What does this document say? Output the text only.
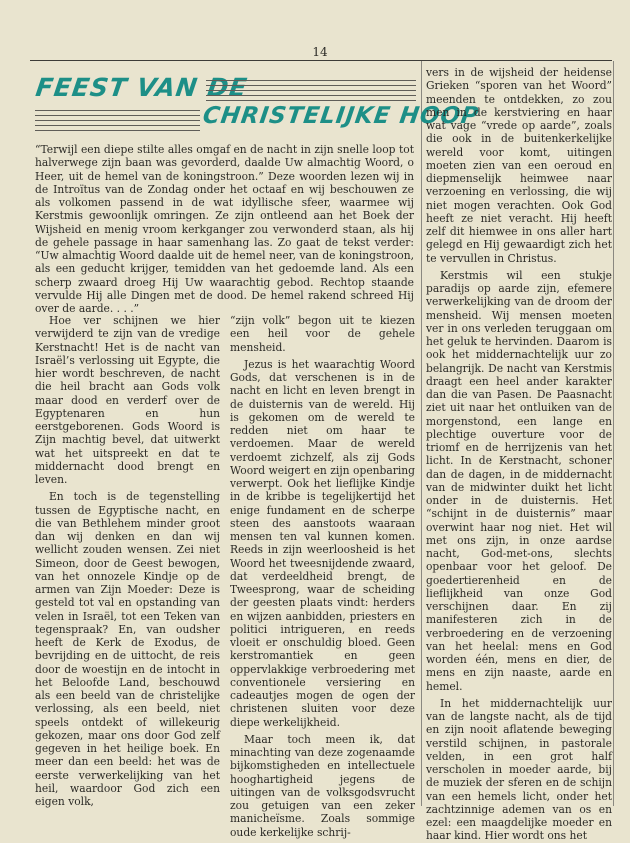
14
FEEST VAN DE
CHRISTELIJKE HOOP

“Terwijl een diepe stilte alles omgaf en de nacht in zijn snelle loop tot halverwege zijn baan was gevorderd, daalde Uw almachtig Woord, o Heer, uit de hemel van de koningstroon.” Deze woorden lezen wij in de Introïtus van de Zondag onder het octaaf en wij beschouwen ze als volkomen passend in de wat idyllische sfeer, waarmee wij Kerstmis gewoonlijk omringen. Ze zijn ontleend aan het Boek der Wijsheid en menig vroom kerkganger zou verwonderd staan, als hij de gehele passage in haar samenhang las. Zo gaat de tekst verder: “Uw almachtig Woord daalde uit de hemel neer, van de koningstroon, als een geducht krijger, temidden van het gedoemde land. Als een scherp zwaard droeg Hij Uw waarachtig gebod. Rechtop staande vervulde Hij alle Dingen met de dood. De hemel rakend schreed Hij over de aarde. . . .”

Hoe ver schijnen we hier verwijderd te zijn van de vredige Kerstnacht! Het is de nacht van Israël’s verlossing uit Egypte, die hier wordt beschreven, de nacht die heil bracht aan Gods volk maar dood en verderf over de Egyptenaren en hun eerstgeborenen. Gods Woord is Zijn machtig bevel, dat uitwerkt wat het uitspreekt en dat te middernacht dood brengt en leven.

En toch is de tegenstelling tussen de Egyptische nacht, en die van Bethlehem minder groot dan wij denken en dan wij wellicht zouden wensen. Zei niet Simeon, door de Geest bewogen, van het onnozele Kindje op de armen van Zijn Moeder: Deze is gesteld tot val en opstanding van velen in Israël, tot een Teken van tegenspraak? En, van oudsher heeft de Kerk de Exodus, de bevrijding en de uittocht, de reis door de woestijn en de intocht in het Beloofde Land, beschouwd als een beeld van de christelijke verlossing, als een beeld, niet speels ontdekt of willekeurig gekozen, maar ons door God zelf gegeven in het heilige boek. En meer dan een beeld: het was de eerste verwerkelijking van het heil, waardoor God zich een eigen volk,

“zijn volk” begon uit te kiezen een heil voor de gehele mensheid.

Jezus is het waarachtig Woord Gods, dat verschenen is in de nacht en licht en leven brengt in de duisternis van de wereld. Hij is gekomen om de wereld te redden niet om haar te verdoemen. Maar de wereld verdoemt zichzelf, als zij Gods Woord weigert en zijn openbaring verwerpt. Ook het lieflijke Kindje in de kribbe is tegelijkertijd het enige fundament en de scherpe steen des aanstoots waaraan mensen ten val kunnen komen. Reeds in zijn weerloosheid is het Woord het tweesnijdende zwaard, dat verdeeldheid brengt, de Tweesprong, waar de scheiding der geesten plaats vindt: herders en wijzen aanbidden, priesters en politici intrigueren, en reeds vloeit er onschuldig bloed. Geen kerstromantiek en geen oppervlakkige verbroedering met conventionele versiering en cadeautjes mogen de ogen der christenen sluiten voor deze diepe werkelijkheid.

Maar toch meen ik, dat minachting van deze zogenaamde bijkomstigheden en intellectuele hooghartigheid jegens de uitingen van de volksgodsvrucht zou getuigen van een zeker manicheïsme. Zoals sommige oude kerkelijke schrij-

vers in de wijsheid der heidense Grieken “sporen van het Woord” meenden te ontdekken, zo zou men in de kerstviering en haar wat vage “vrede op aarde”, zoals die ook in de buitenkerkelijke wereld voor komt, uitingen moeten zien van een oeroud en diepmenselijk heimwee naar verzoening en verlossing, die wij niet mogen verachten. Ook God heeft ze niet veracht. Hij heeft zelf dit hiemwee in ons aller hart gelegd en Hij gewaardigt zich het te vervullen in Christus.

Kerstmis wil een stukje paradijs op aarde zijn, efemere verwerkelijking van de droom der mensheid. Wij mensen moeten ver in ons verleden teruggaan om het geluk te hervinden. Daarom is ook het middernachtelijk uur zo belangrijk. De nacht van Kerstmis draagt een heel ander karakter dan die van Pasen. De Paasnacht ziet uit naar het ontluiken van de morgenstond, een lange en plechtige ouverture voor de triomf en de herrijzenis van het licht. In de Kerstnacht, schoner dan de dagen, in de middernacht van de midwinter duikt het licht onder in de duisternis. Het “schijnt in de duisternis” maar overwint haar nog niet. Het wil met ons zijn, in onze aardse nacht, God-met-ons, slechts openbaar voor het geloof. De goedertierenheid en de lieflijkheid van onze God verschijnen daar. En zij manifesteren zich in de verbroedering en de verzoening van het heelal: mens en God worden één, mens en dier, de mens en zijn naaste, aarde en hemel.

In het middernachtelijk uur van de langste nacht, als de tijd en zijn nooit aflatende beweging verstild schijnen, in pastorale velden, in een grot half verscholen in moeder aarde, bij de muziek der sferen en de schijn van een hemels licht, onder het zachtzinnige ademen van os en ezel: een maagdelijke moeder en haar kind. Hier wordt ons het
